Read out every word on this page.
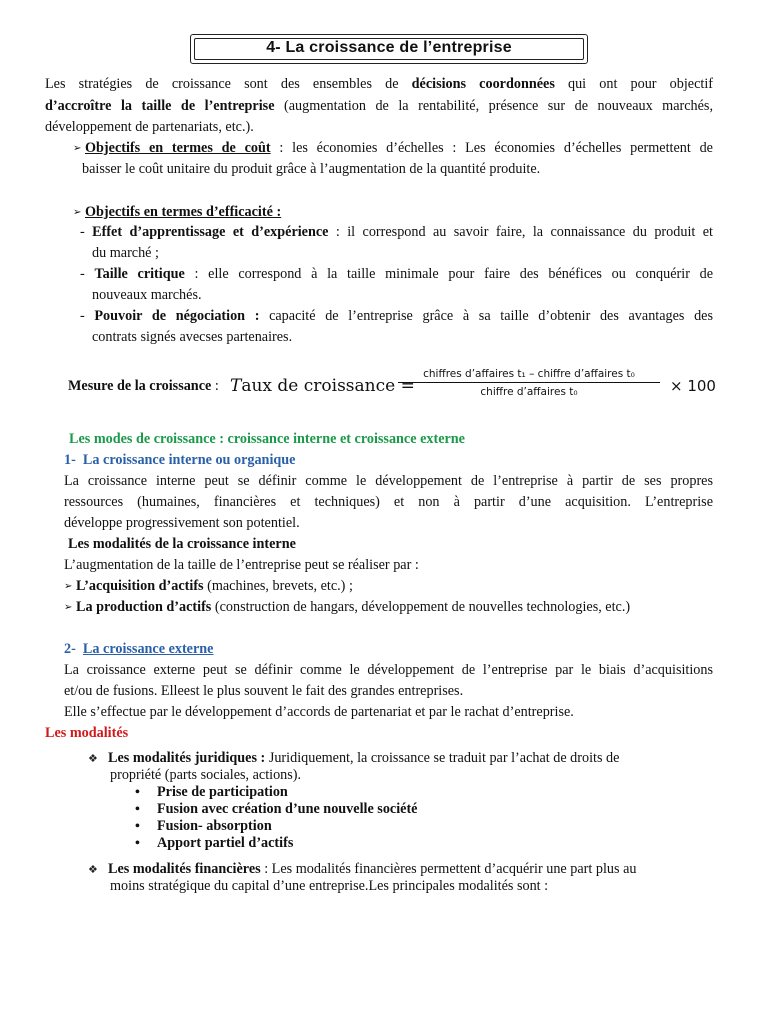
4- La croissance de l’entreprise
Les stratégies de croissance sont des ensembles de décisions coordonnées qui ont pour objectif
d’accroître la taille de l’entreprise (augmentation de la rentabilité, présence sur de nouveaux marchés,
développement de partenariats, etc.).
➢ Objectifs en termes de coût : les économies d’échelles : Les économies d’échelles permettent de
baisser le coût unitaire du produit grâce à l’augmentation de la quantité produite.
➢ Objectifs en termes d’efficacité :
- Effet d’apprentissage et d’expérience : il correspond au savoir faire, la connaissance du produit et
du marché ;
- Taille critique : elle correspond à la taille minimale pour faire des bénéfices ou conquérir de
nouveaux marchés.
- Pouvoir de négociation : capacité de l’entreprise grâce à sa taille d’obtenir des avantages des
contrats signés avecses partenaires.
Mesure de la croissance : Taux de croissance =
chiffres d’affaires t₁ – chiffre d’affaires t₀
chiffre d’affaires t₀	× 100
Les modes de croissance : croissance interne et croissance externe
1- La croissance interne ou organique
La croissance interne peut se définir comme le développement de l’entreprise à partir de ses propres
ressources (humaines, financières et techniques) et non à partir d’une acquisition. L’entreprise
développe progressivement son potentiel.
Les modalités de la croissance interne
L’augmentation de la taille de l’entreprise peut se réaliser par :
➢ L’acquisition d’actifs (machines, brevets, etc.) ;
➢ La production d’actifs (construction de hangars, développement de nouvelles technologies, etc.)
2- La croissance externe
La croissance externe peut se définir comme le développement de l’entreprise par le biais d’acquisitions
et/ou de fusions. Elleest le plus souvent le fait des grandes entreprises.
Elle s’effectue par le développement d’accords de partenariat et par le rachat d’entreprise.
Les modalités
❖ Les modalités juridiques : Juridiquement, la croissance se traduit par l’achat de droits de
propriété (parts sociales, actions).
• Prise de participation
• Fusion avec création d’une nouvelle société
• Fusion- absorption
• Apport partiel d’actifs
❖ Les modalités financières : Les modalités financières permettent d’acquérir une part plus au
moins stratégique du capital d’une entreprise.Les principales modalités sont :
